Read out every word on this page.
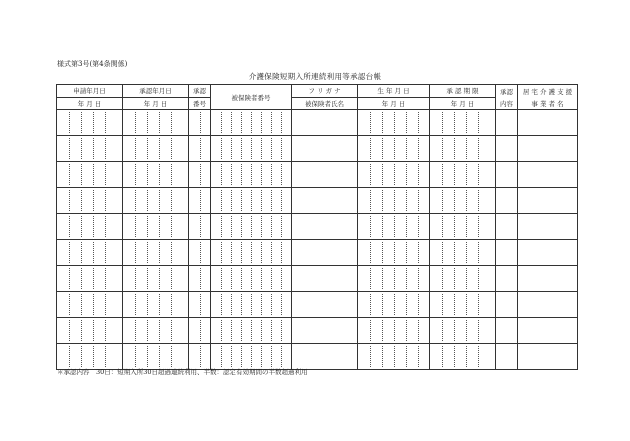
様式第3号(第4条関係)
介護保険短期入所連続利用等承認台帳
申請年月日	承認年月日	承認	被保険者番号	フ リ ガ ナ	生 年 月 日	承 認 期 限	承認	居 宅 介 護 支 援
年 月 日	年 月 日	番号		被保険者氏名	年 月 日	年 月 日	内容	事 業 者 名

＊承認内容　30日：短期入所30日超過連続利用、半数：認定有効期間の半数超過利用
